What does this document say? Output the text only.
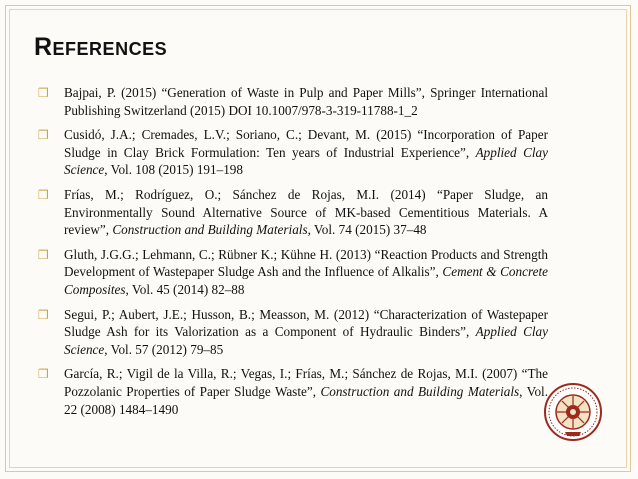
References
❒ Bajpai, P. (2015) “Generation of Waste in Pulp and Paper Mills”, Springer International Publishing Switzerland (2015) DOI 10.1007/978-3-319-11788-1_2
❒ Cusidó, J.A.; Cremades, L.V.; Soriano, C.; Devant, M. (2015) “Incorporation of Paper Sludge in Clay Brick Formulation: Ten years of Industrial Experience”, Applied Clay Science, Vol. 108 (2015) 191–198
❒ Frías, M.; Rodríguez, O.; Sánchez de Rojas, M.I. (2014) “Paper Sludge, an Environmentally Sound Alternative Source of MK-based Cementitious Materials. A review”, Construction and Building Materials, Vol. 74 (2015) 37–48
❒ Gluth, J.G.G.; Lehmann, C.; Rübner K.; Kühne H. (2013) “Reaction Products and Strength Development of Wastepaper Sludge Ash and the Influence of Alkalis”, Cement & Concrete Composites, Vol. 45 (2014) 82–88
❒ Segui, P.; Aubert, J.E.; Husson, B.; Measson, M. (2012) “Characterization of Wastepaper Sludge Ash for its Valorization as a Component of Hydraulic Binders”, Applied Clay Science, Vol. 57 (2012) 79–85
❒ García, R.; Vigil de la Villa, R.; Vegas, I.; Frías, M.; Sánchez de Rojas, M.I. (2007) “The Pozzolanic Properties of Paper Sludge Waste”, Construction and Building Materials, Vol. 22 (2008) 1484–1490
